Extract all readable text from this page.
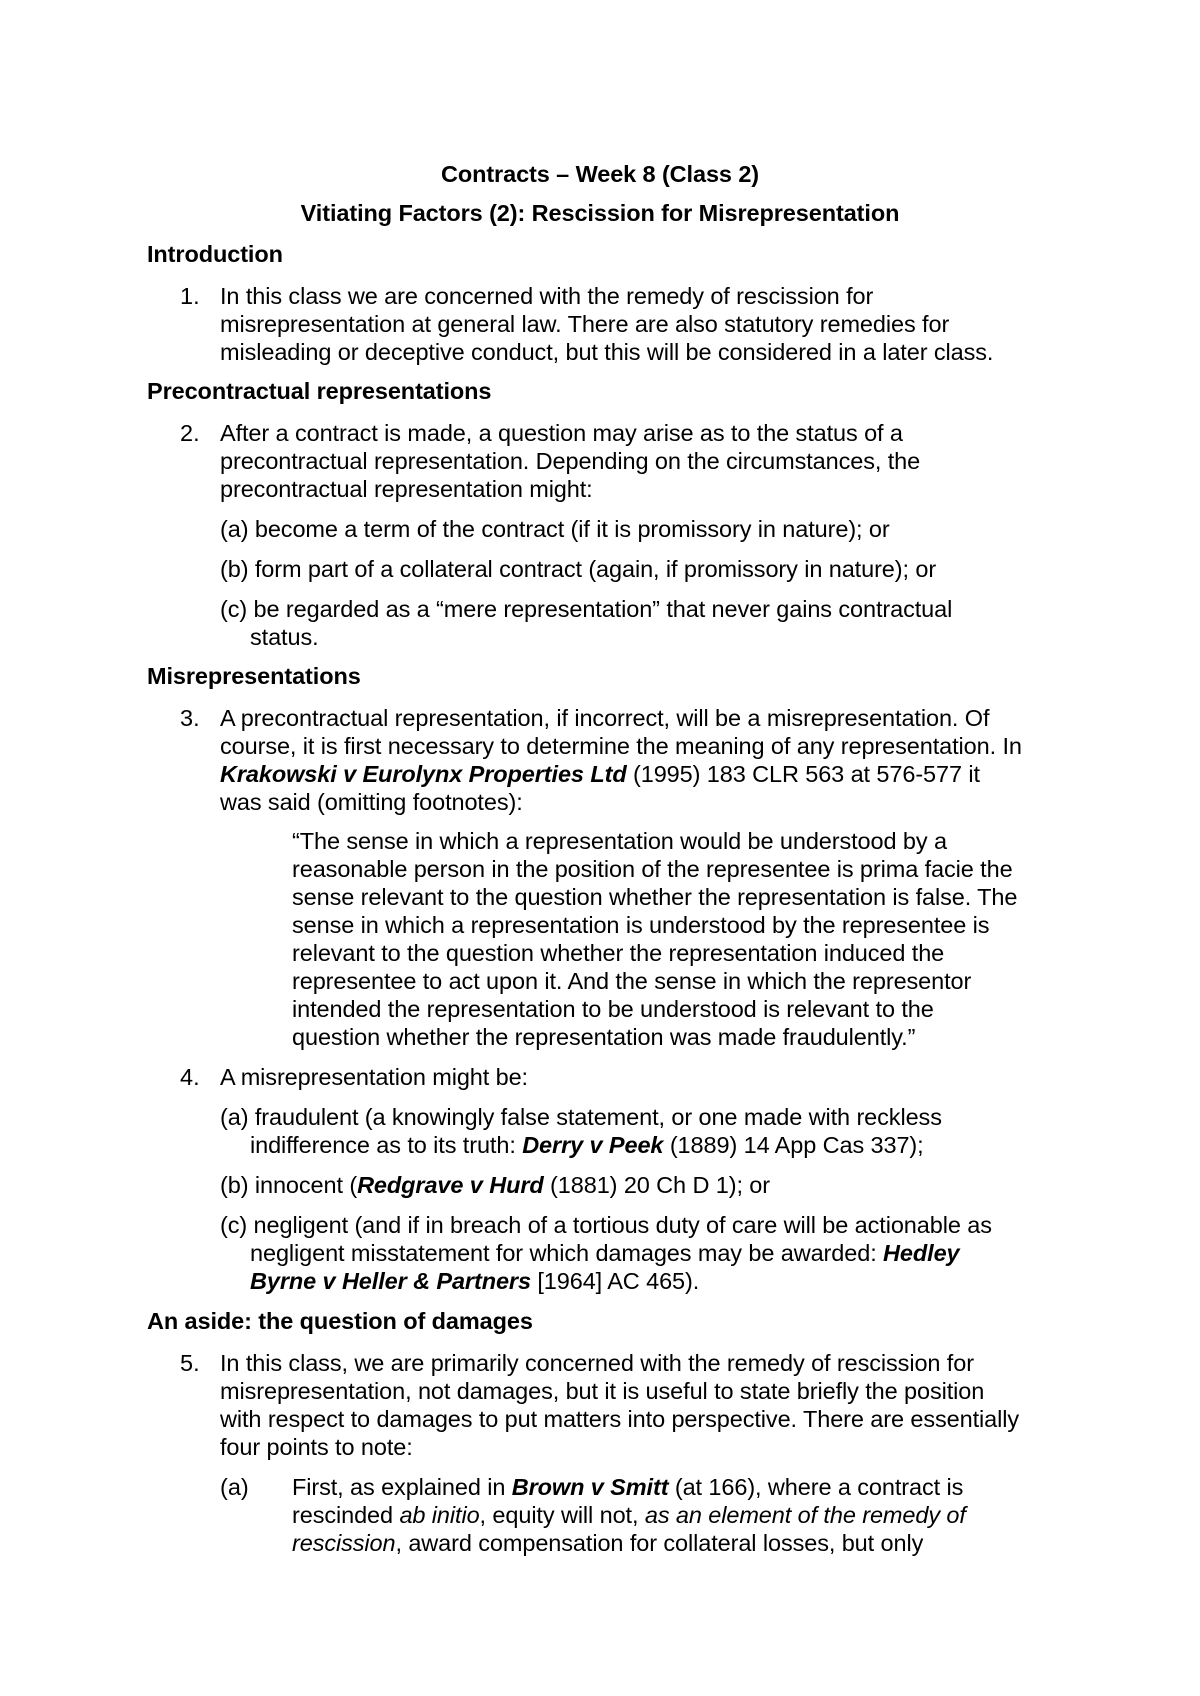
Contracts – Week 8 (Class 2)
Vitiating Factors (2): Rescission for Misrepresentation
Introduction
1. In this class we are concerned with the remedy of rescission for
misrepresentation at general law. There are also statutory remedies for
misleading or deceptive conduct, but this will be considered in a later class.
Precontractual representations
2. After a contract is made, a question may arise as to the status of a
precontractual representation. Depending on the circumstances, the
precontractual representation might:
(a) become a term of the contract (if it is promissory in nature); or
(b) form part of a collateral contract (again, if promissory in nature); or
(c) be regarded as a “mere representation” that never gains contractual
status.
Misrepresentations
3. A precontractual representation, if incorrect, will be a misrepresentation. Of
course, it is first necessary to determine the meaning of any representation. In
Krakowski v Eurolynx Properties Ltd (1995) 183 CLR 563 at 576-577 it
was said (omitting footnotes):
“The sense in which a representation would be understood by a
reasonable person in the position of the representee is prima facie the
sense relevant to the question whether the representation is false. The
sense in which a representation is understood by the representee is
relevant to the question whether the representation induced the
representee to act upon it. And the sense in which the representor
intended the representation to be understood is relevant to the
question whether the representation was made fraudulently.”
4. A misrepresentation might be:
(a) fraudulent (a knowingly false statement, or one made with reckless
indifference as to its truth: Derry v Peek (1889) 14 App Cas 337);
(b) innocent (Redgrave v Hurd (1881) 20 Ch D 1); or
(c) negligent (and if in breach of a tortious duty of care will be actionable as
negligent misstatement for which damages may be awarded: Hedley
Byrne v Heller & Partners [1964] AC 465).
An aside: the question of damages
5. In this class, we are primarily concerned with the remedy of rescission for
misrepresentation, not damages, but it is useful to state briefly the position
with respect to damages to put matters into perspective. There are essentially
four points to note:
(a) First, as explained in Brown v Smitt (at 166), where a contract is
rescinded ab initio, equity will not, as an element of the remedy of
rescission, award compensation for collateral losses, but only
